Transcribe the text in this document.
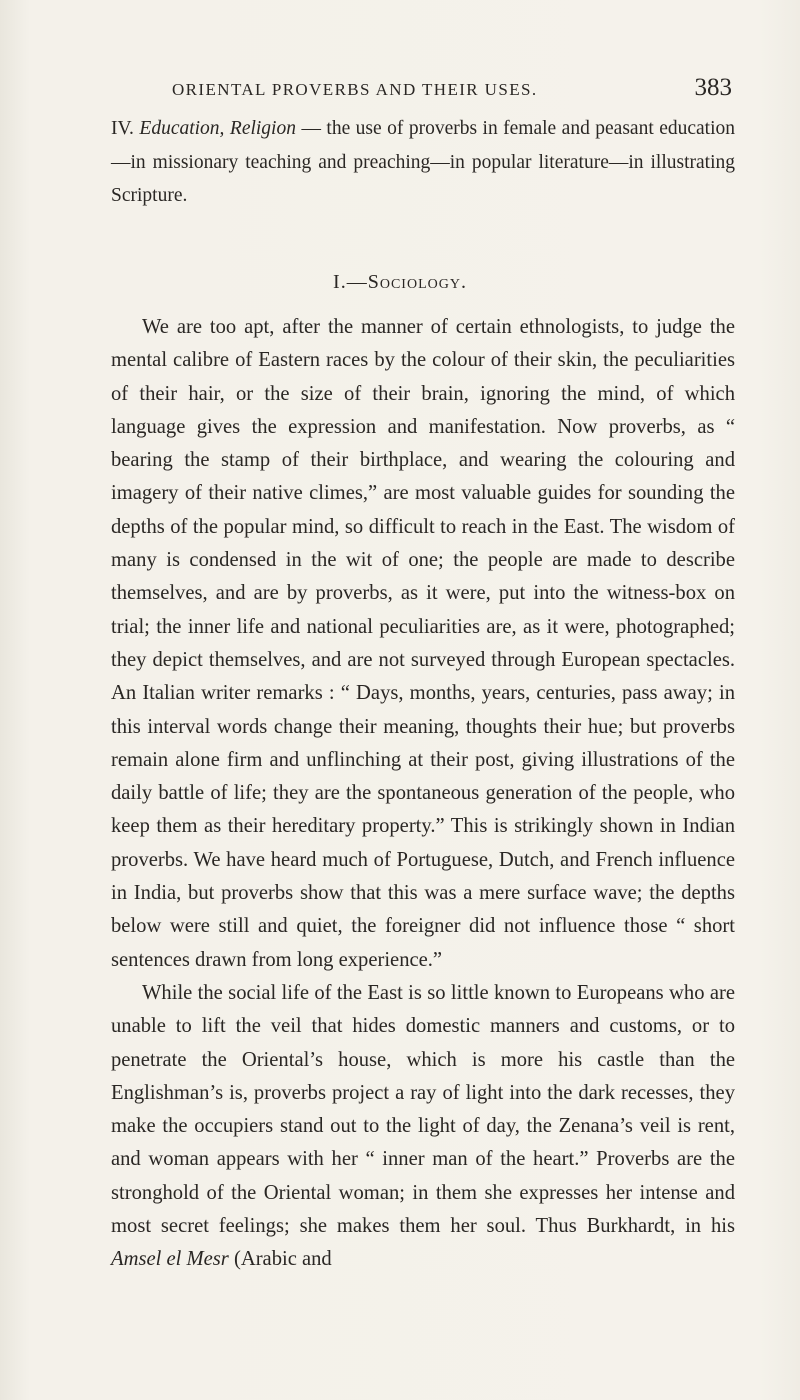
ORIENTAL PROVERBS AND THEIR USES.	383

IV. Education, Religion — the use of proverbs in female and peasant education—in missionary teaching and preaching—in popular literature—in illustrating Scripture.

I.—Sociology.

We are too apt, after the manner of certain ethnologists, to judge the mental calibre of Eastern races by the colour of their skin, the peculiarities of their hair, or the size of their brain, ignoring the mind, of which language gives the expression and manifestation. Now proverbs, as “ bearing the stamp of their birthplace, and wearing the colouring and imagery of their native climes,” are most valuable guides for sounding the depths of the popular mind, so difficult to reach in the East. The wisdom of many is condensed in the wit of one; the people are made to describe themselves, and are by proverbs, as it were, put into the witness-box on trial; the inner life and national peculiarities are, as it were, photographed; they depict themselves, and are not surveyed through European spectacles. An Italian writer remarks : “ Days, months, years, centuries, pass away; in this interval words change their meaning, thoughts their hue; but proverbs remain alone firm and unflinching at their post, giving illustrations of the daily battle of life; they are the spontaneous generation of the people, who keep them as their hereditary property.” This is strikingly shown in Indian proverbs. We have heard much of Portuguese, Dutch, and French influence in India, but proverbs show that this was a mere surface wave; the depths below were still and quiet, the foreigner did not influence those “ short sentences drawn from long experience.”

While the social life of the East is so little known to Europeans who are unable to lift the veil that hides domestic manners and customs, or to penetrate the Oriental’s house, which is more his castle than the Englishman’s is, proverbs project a ray of light into the dark recesses, they make the occupiers stand out to the light of day, the Zenana’s veil is rent, and woman appears with her “ inner man of the heart.” Proverbs are the stronghold of the Oriental woman; in them she expresses her intense and most secret feelings; she makes them her soul. Thus Burkhardt, in his Amsel el Mesr (Arabic and
